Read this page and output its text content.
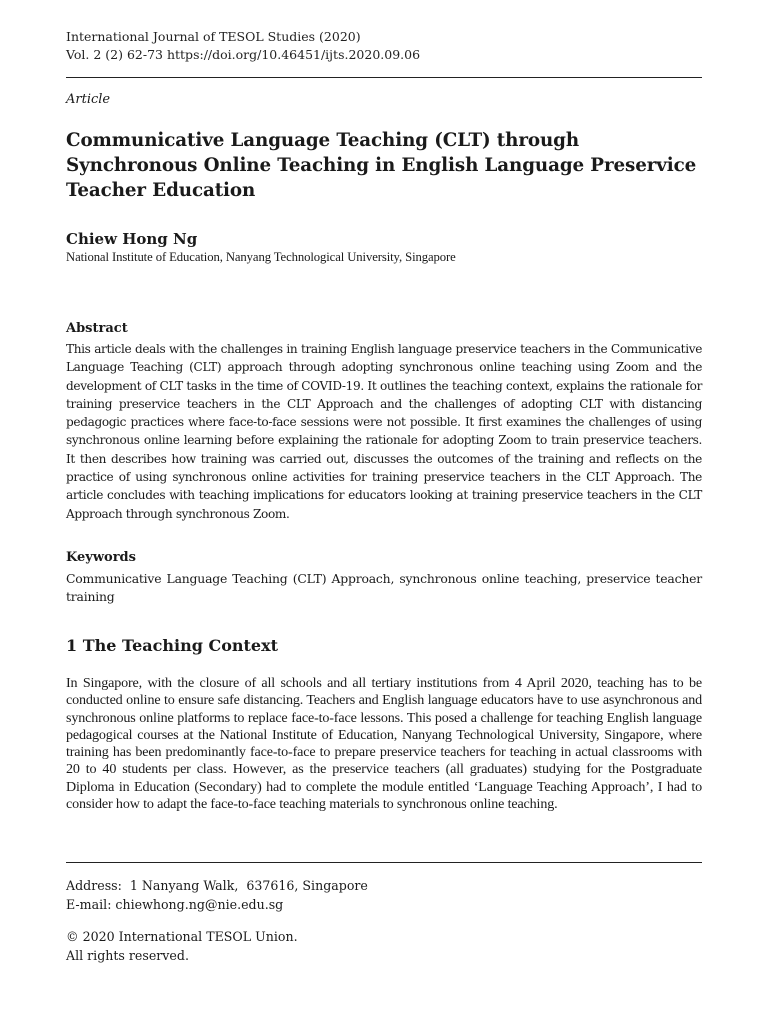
International Journal of TESOL Studies (2020)
Vol. 2 (2) 62-73 https://doi.org/10.46451/ijts.2020.09.06
Article
Communicative Language Teaching (CLT) through Synchronous Online Teaching in English Language Preservice Teacher Education
Chiew Hong Ng
National Institute of Education, Nanyang Technological University, Singapore
Abstract
This article deals with the challenges in training English language preservice teachers in the Communicative Language Teaching (CLT) approach through adopting synchronous online teaching using Zoom and the development of CLT tasks in the time of COVID-19. It outlines the teaching context, explains the rationale for training preservice teachers in the CLT Approach and the challenges of adopting CLT with distancing pedagogic practices where face-to-face sessions were not possible. It first examines the challenges of using synchronous online learning before explaining the rationale for adopting Zoom to train preservice teachers. It then describes how training was carried out, discusses the outcomes of the training and reflects on the practice of using synchronous online activities for training preservice teachers in the CLT Approach. The article concludes with teaching implications for educators looking at training preservice teachers in the CLT Approach through synchronous Zoom.
Keywords
Communicative Language Teaching (CLT) Approach, synchronous online teaching, preservice teacher training
1 The Teaching Context
In Singapore, with the closure of all schools and all tertiary institutions from 4 April 2020, teaching has to be conducted online to ensure safe distancing. Teachers and English language educators have to use asynchronous and synchronous online platforms to replace face-to-face lessons. This posed a challenge for teaching English language pedagogical courses at the National Institute of Education, Nanyang Technological University, Singapore, where training has been predominantly face-to-face to prepare preservice teachers for teaching in actual classrooms with 20 to 40 students per class. However, as the preservice teachers (all graduates) studying for the Postgraduate Diploma in Education (Secondary) had to complete the module entitled ‘Language Teaching Approach’, I had to consider how to adapt the face-to-face teaching materials to synchronous online teaching.
Address:  1 Nanyang Walk,  637616, Singapore
E-mail: chiewhong.ng@nie.edu.sg
© 2020 International TESOL Union.
All rights reserved.
